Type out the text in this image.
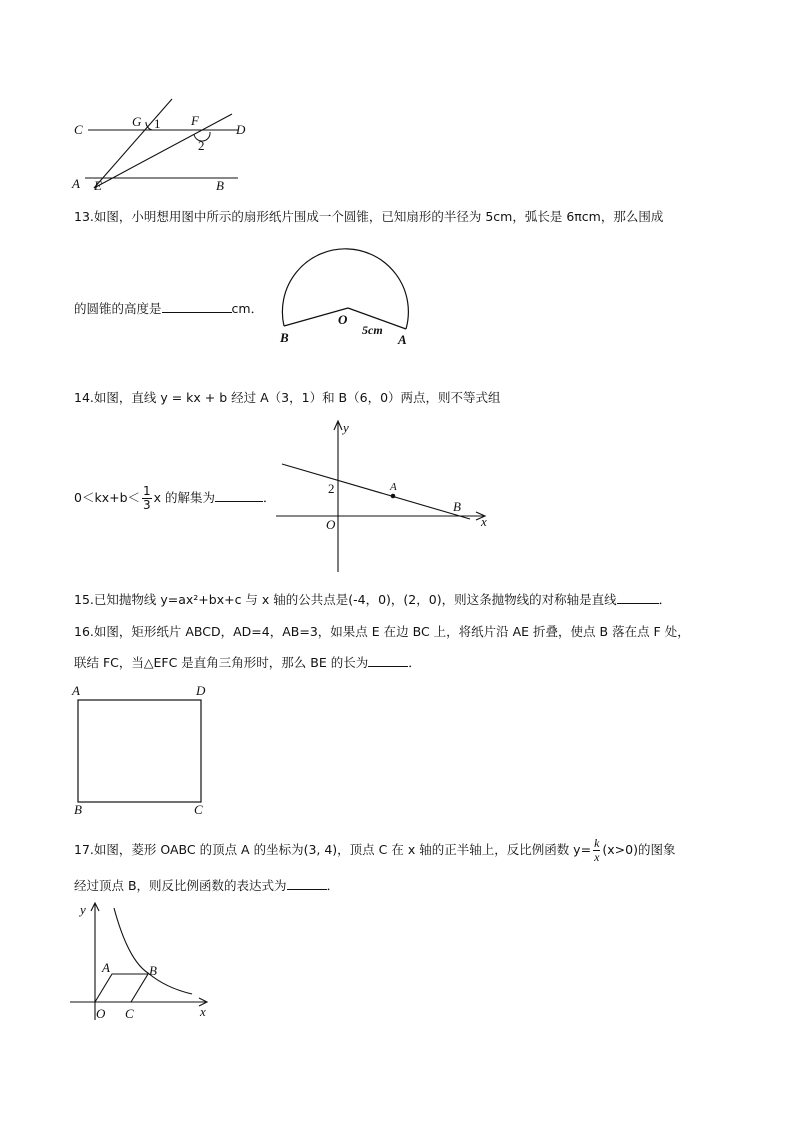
C
G 1 F
D
2
A E	B
13.如图，小明想用图中所示的扇形纸片围成一个圆锥，已知扇形的半径为 5cm，弧长是 6πcm，那么围成
的圆锥的高度是	cm．
B
O
5cm
A
14.如图，直线 y = kx + b 经过 A（3，1）和 B（6，0）两点，则不等式组
$0<kx+b< \frac{1}{3}$ x 的解集为	．
y
2	A
B
O	x
15.已知抛物线 y=ax²+bx+c 与 x 轴的公共点是(-4，0)，(2，0)，则这条抛物线的对称轴是直线	．
16.如图，矩形纸片 ABCD，AD=4，AB=3，如果点 E 在边 BC 上，将纸片沿 AE 折叠，使点 B 落在点 F 处，
联结 FC，当△EFC 是直角三角形时，那么 BE 的长为	．
A	D
B	C
17.如图，菱形 OABC 的顶点 A 的坐标为(3, 4)，顶点 C 在 x 轴的正半轴上，反比例函数 $y= \frac{k}{x} (x>0)$的图象
经过顶点 B，则反比例函数的表达式为	．
y
A	B
O C	x
